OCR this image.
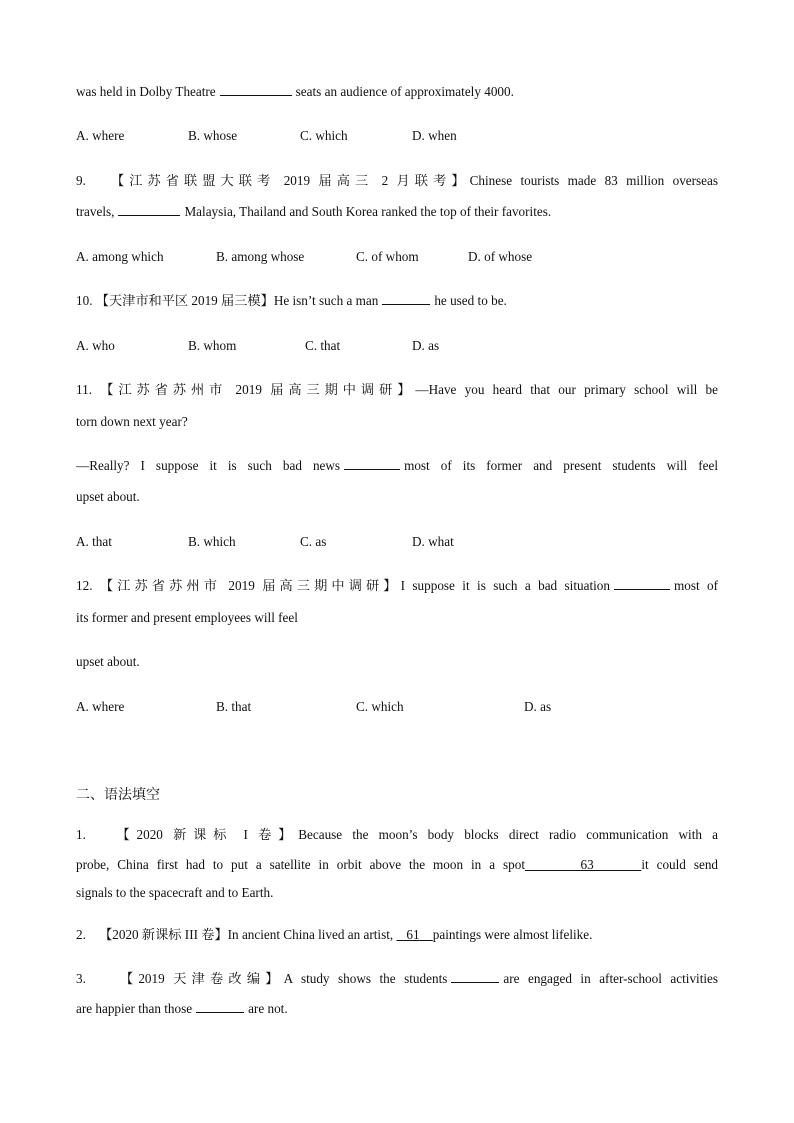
was held in Dolby Theatre	seats an audience of approximately 4000.
A. where	B. whose	C. which	D. when
9. 【江苏省联盟大联考 2019 届高三 2 月联考】Chinese tourists made 83 million overseas
travels,	Malaysia, Thailand and South Korea ranked the top of their favorites.
A. among which	B. among whose	C. of whom	D. of whose
10. 【天津市和平区 2019 届三模】He isn’t such a man	he used to be.
A. who	B. whom	C. that	D. as
11. 【江苏省苏州市 2019 届高三期中调研】—Have you heard that our primary school will be
torn down next year?
—Really? I suppose it is such bad news	most of its former and present students will feel
upset about.
A. that	B. which	C. as	D. what
12. 【江苏省苏州市 2019 届高三期中调研】I suppose it is such a bad situation	most of
its former and present employees will feel
upset about.
A. where	B. that	C. which	D. as
二、语法填空
1. 【2020 新课标 I 卷】Because the moon’s body blocks direct radio communication with a
probe, China first had to put a satellite in orbit above the moon in a spot	63	it could send
signals to the spacecraft and to Earth.
2. 【2020 新课标 III 卷】In ancient China lived an artist, 61 paintings were almost lifelike.
3.	【2019 天津卷改编】A study shows the students	are engaged in after-school activities
are happier than those	are not.
